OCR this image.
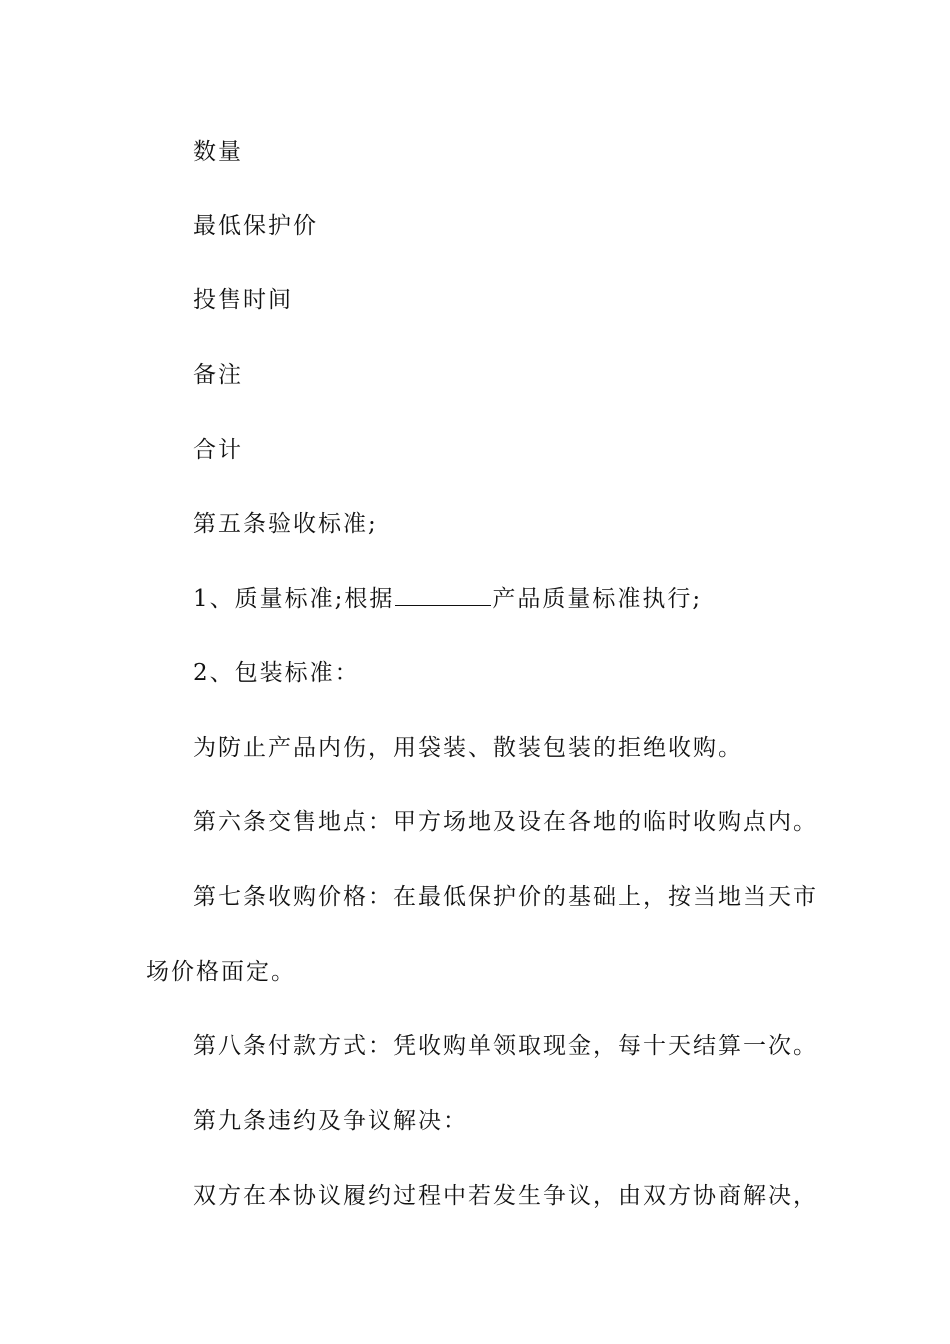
数量
最低保护价
投售时间
备注
合计
第五条验收标准;
1、质量标准;根据	产品质量标准执行;
2、包装标准：
为防止产品内伤，用袋装、散装包装的拒绝收购。
第六条交售地点：甲方场地及设在各地的临时收购点内。
第七条收购价格：在最低保护价的基础上，按当地当天市
场价格面定。
第八条付款方式：凭收购单领取现金，每十天结算一次。
第九条违约及争议解决：
双方在本协议履约过程中若发生争议，由双方协商解决，
